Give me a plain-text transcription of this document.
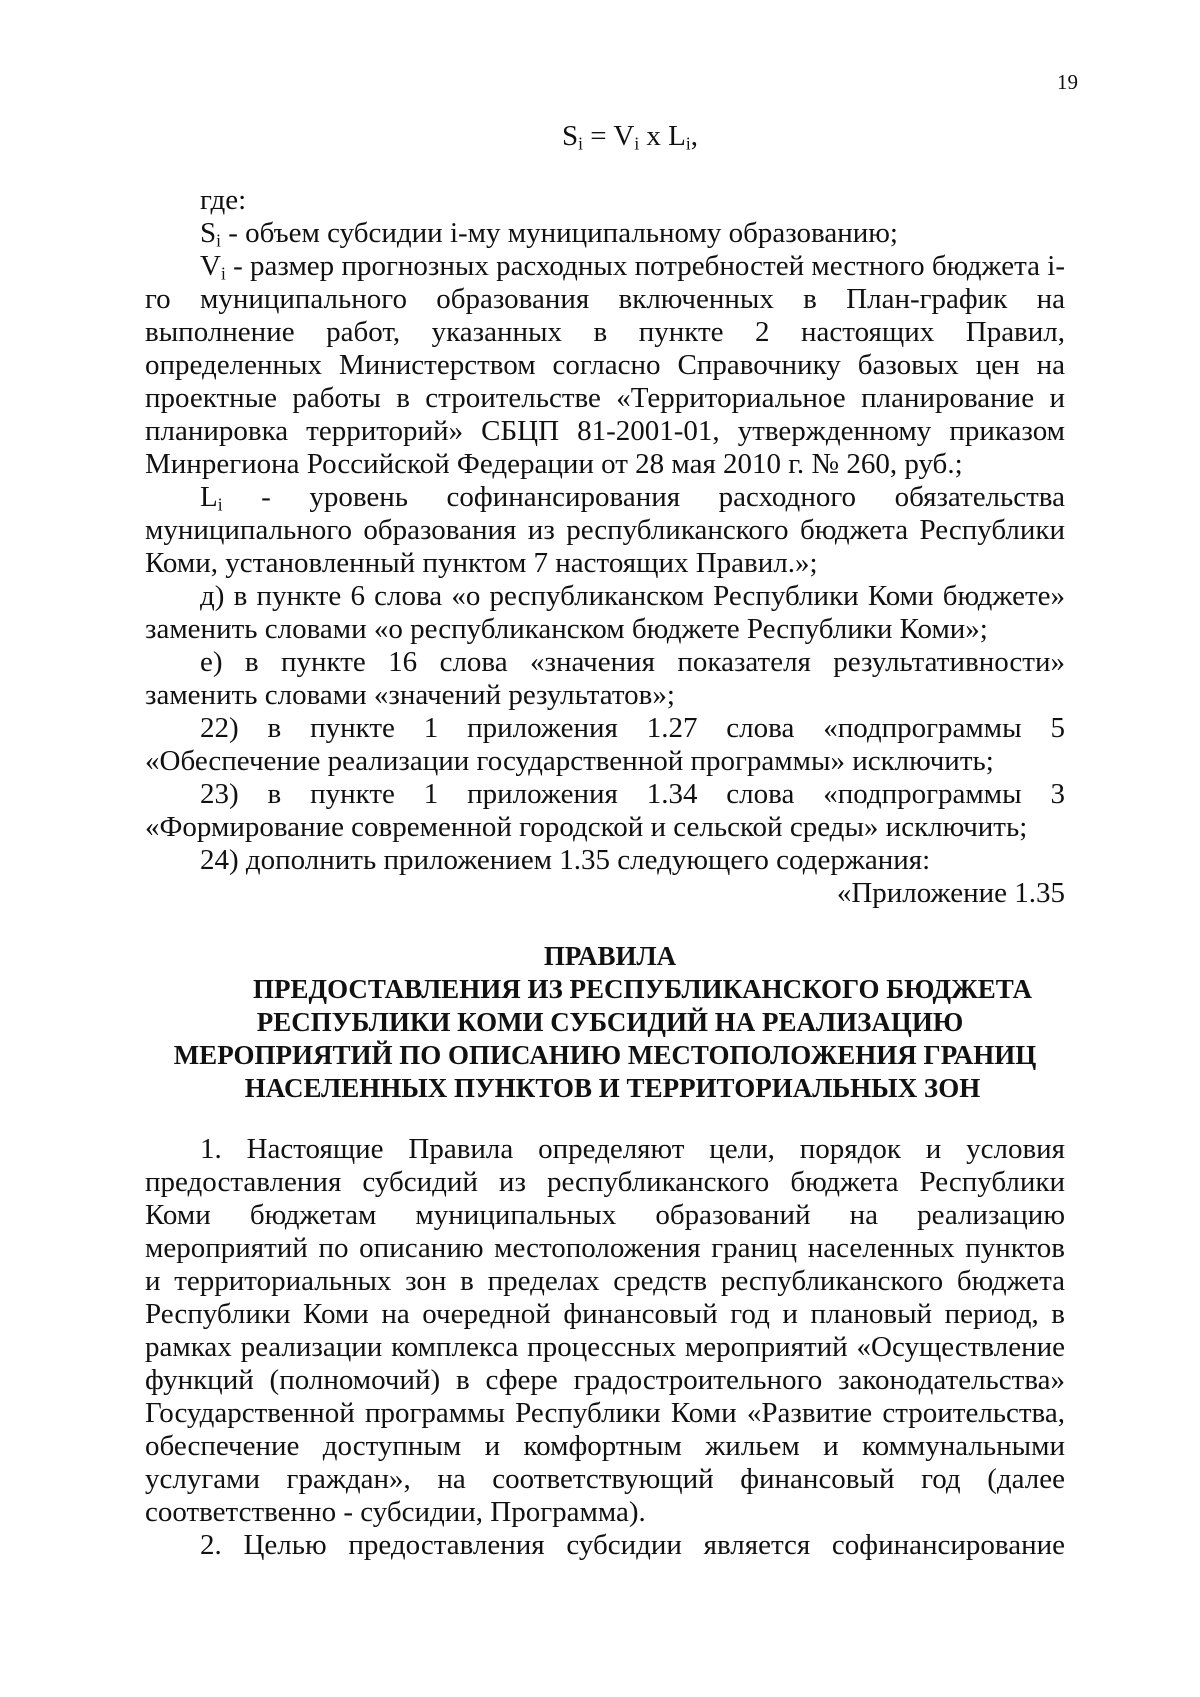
19
$S_i = V_i$ x $L_i$,

где:

$S_i$ - объем субсидии i-му муниципальному образованию;

$V_i$ - размер прогнозных расходных потребностей местного бюджета i-го муниципального образования включенных в План-график на выполнение работ, указанных в пункте 2 настоящих Правил, определенных Министерством согласно Справочнику базовых цен на проектные работы в строительстве «Территориальное планирование и планировка территорий» СБЦП 81-2001-01, утвержденному приказом Минрегиона Российской Федерации от 28 мая 2010 г. № 260, руб.;

$L_i$ - уровень софинансирования расходного обязательства муниципального образования из республиканского бюджета Республики Коми, установленный пунктом 7 настоящих Правил.»;

д) в пункте 6 слова «о республиканском Республики Коми бюджете» заменить словами «о республиканском бюджете Республики Коми»;

е) в пункте 16 слова «значения показателя результативности» заменить словами «значений результатов»;

22) в пункте 1 приложения 1.27 слова «подпрограммы 5 «Обеспечение реализации государственной программы» исключить;

23) в пункте 1 приложения 1.34 слова «подпрограммы 3 «Формирование современной городской и сельской среды» исключить;

24) дополнить приложением 1.35 следующего содержания:

«Приложение 1.35

ПРАВИЛА
ПРЕДОСТАВЛЕНИЯ ИЗ РЕСПУБЛИКАНСКОГО БЮДЖЕТА
РЕСПУБЛИКИ КОМИ СУБСИДИЙ НА РЕАЛИЗАЦИЮ
МЕРОПРИЯТИЙ ПО ОПИСАНИЮ МЕСТОПОЛОЖЕНИЯ ГРАНИЦ
НАСЕЛЕННЫХ ПУНКТОВ И ТЕРРИТОРИАЛЬНЫХ ЗОН

1. Настоящие Правила определяют цели, порядок и условия предоставления субсидий из республиканского бюджета Республики Коми бюджетам муниципальных образований на реализацию мероприятий по описанию местоположения границ населенных пунктов и территориальных зон в пределах средств республиканского бюджета Республики Коми на очередной финансовый год и плановый период, в рамках реализации комплекса процессных мероприятий «Осуществление функций (полномочий) в сфере градостроительного законодательства» Государственной программы Республики Коми «Развитие строительства, обеспечение доступным и комфортным жильем и коммунальными услугами граждан», на соответствующий финансовый год (далее соответственно - субсидии, Программа).

2. Целью предоставления субсидии является софинансирование
